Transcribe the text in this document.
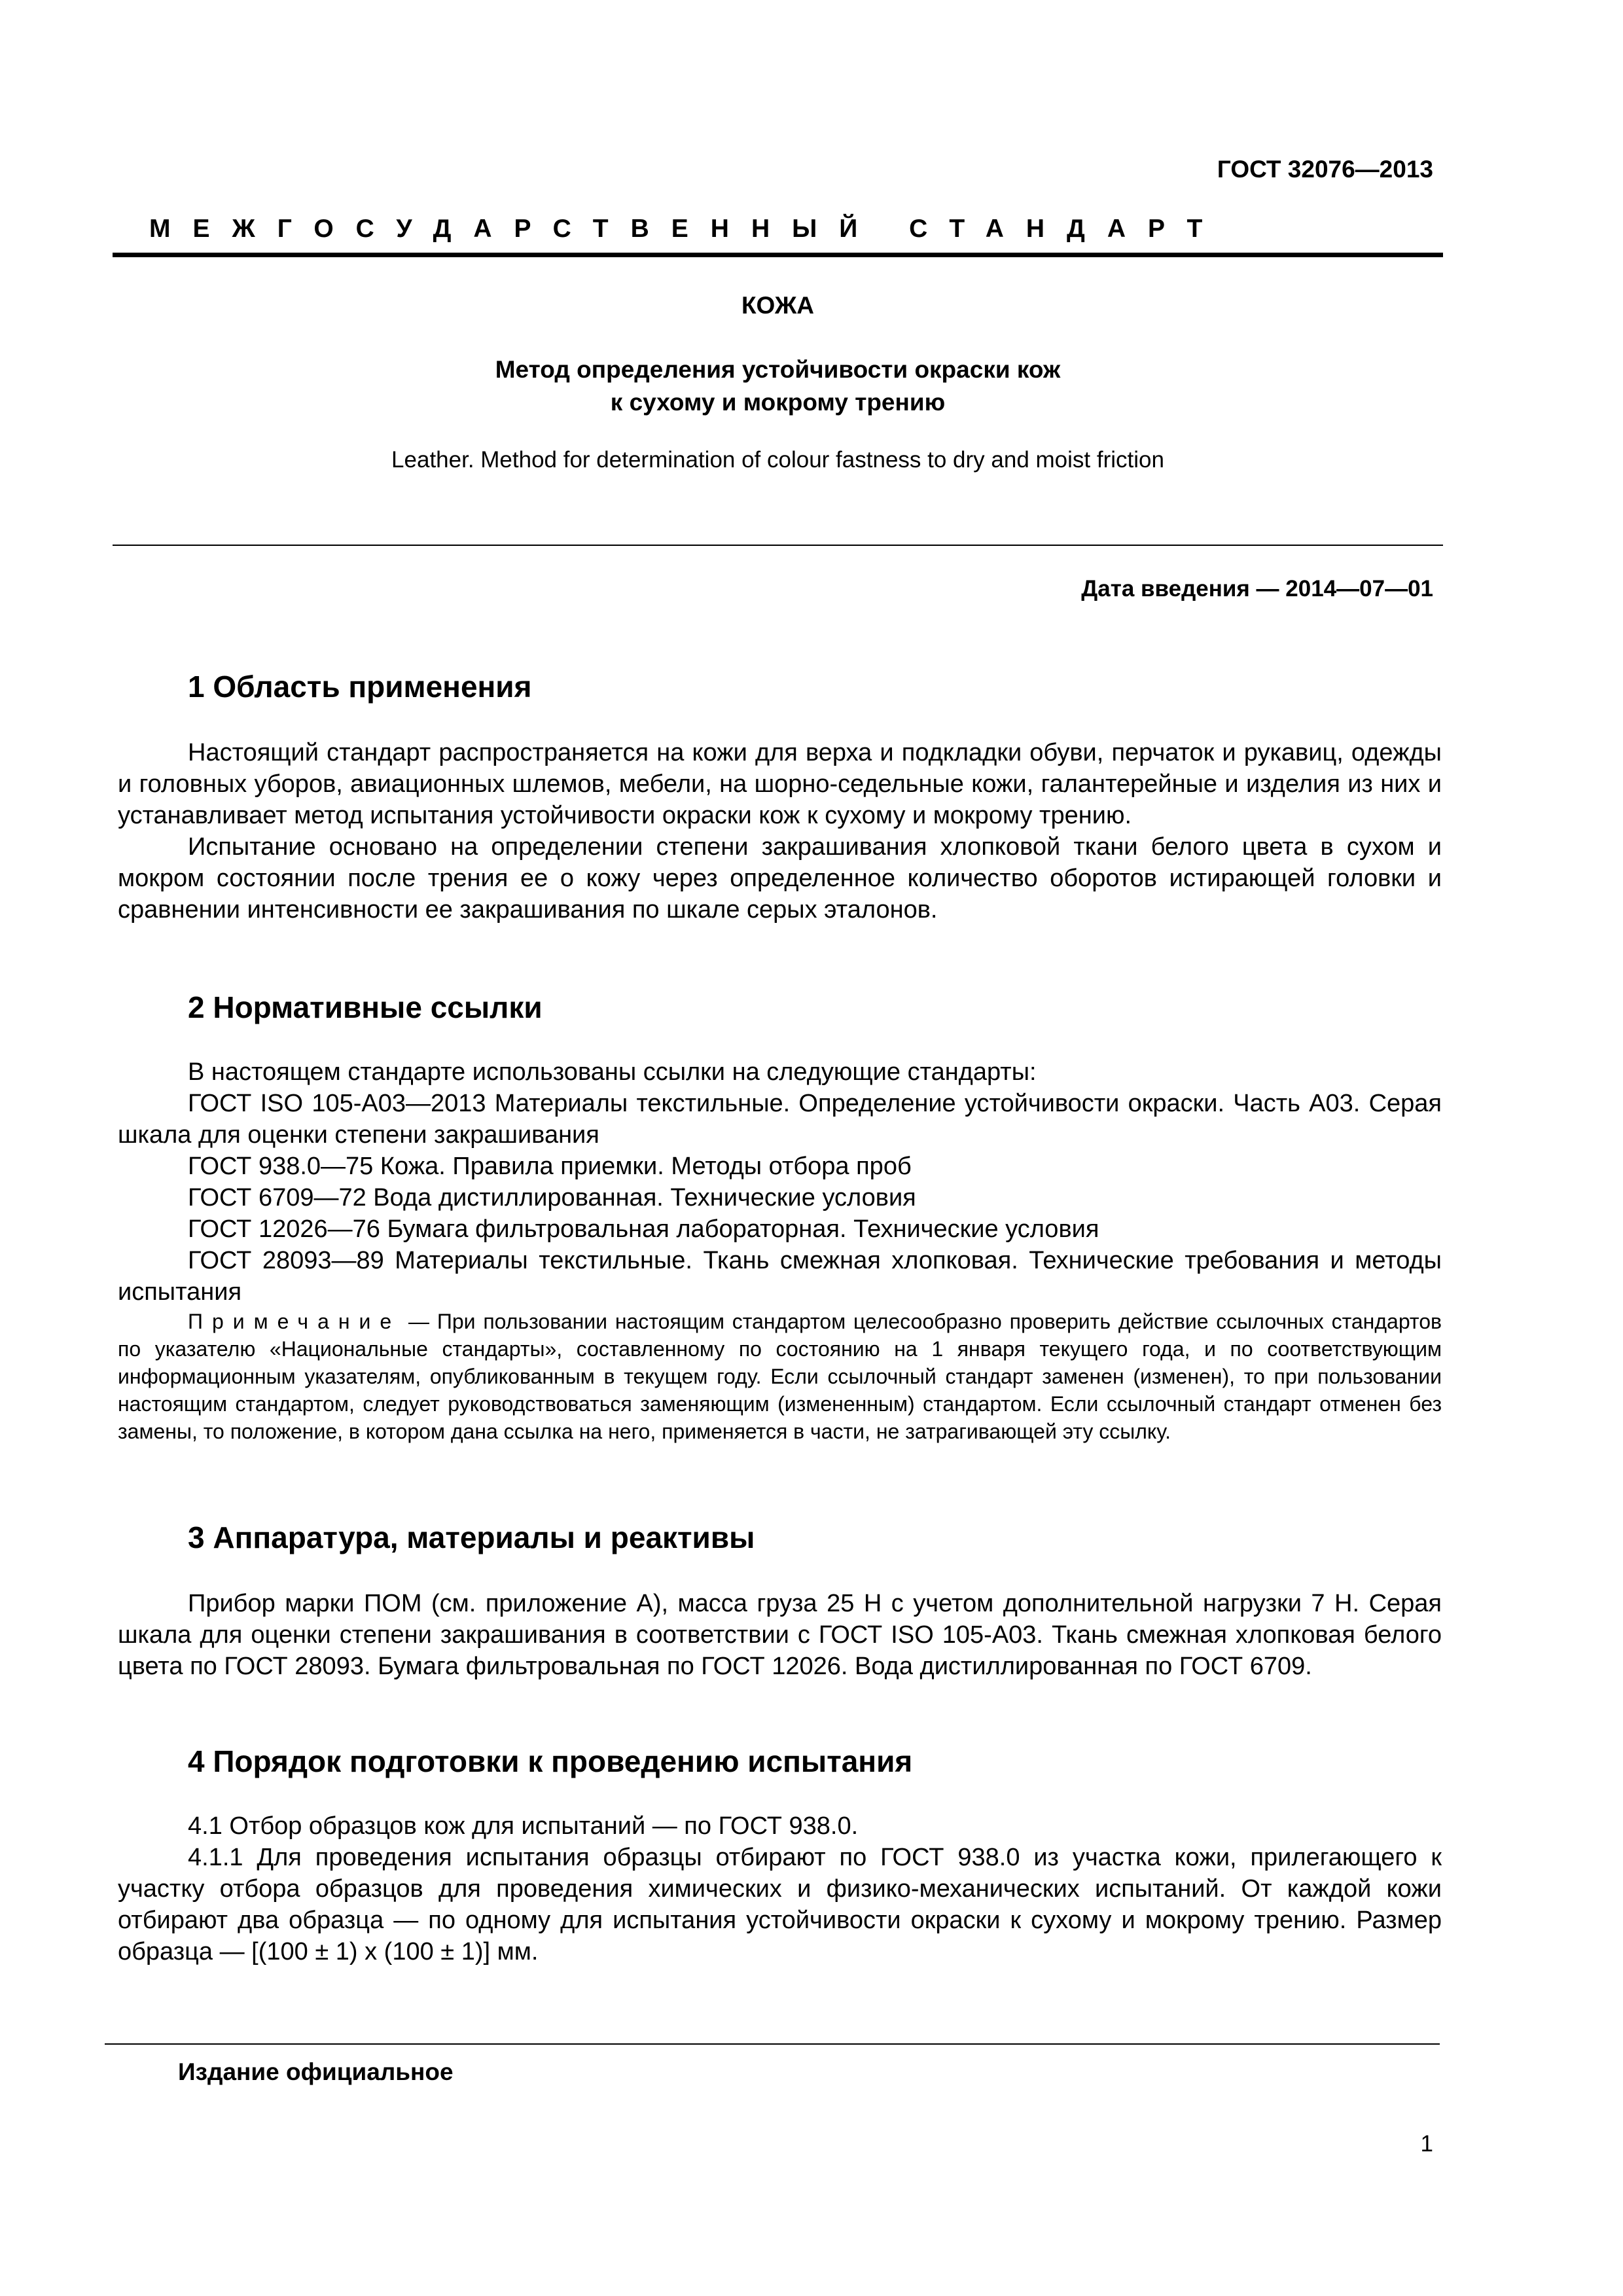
ГОСТ 32076—2013
МЕЖГОСУДАРСТВЕННЫЙ СТАНДАРТ
КОЖА
Метод определения устойчивости окраски кож
к сухому и мокрому трению
Leather. Method for determination of colour fastness to dry and moist friction
Дата введения — 2014—07—01
1 Область применения

Настоящий стандарт распространяется на кожи для верха и подкладки обуви, перчаток и рукавиц, одежды и головных уборов, авиационных шлемов, мебели, на шорно-седельные кожи, галантерейные и изделия из них и устанавливает метод испытания устойчивости окраски кож к сухому и мокрому трению.

Испытание основано на определении степени закрашивания хлопковой ткани белого цвета в сухом и мокром состоянии после трения ее о кожу через определенное количество оборотов истирающей головки и сравнении интенсивности ее закрашивания по шкале серых эталонов.

2 Нормативные ссылки

В настоящем стандарте использованы ссылки на следующие стандарты:

ГОСТ ISO 105-A03—2013 Материалы текстильные. Определение устойчивости окраски. Часть A03. Серая шкала для оценки степени закрашивания

ГОСТ 938.0—75 Кожа. Правила приемки. Методы отбора проб

ГОСТ 6709—72 Вода дистиллированная. Технические условия

ГОСТ 12026—76 Бумага фильтровальная лабораторная. Технические условия

ГОСТ 28093—89 Материалы текстильные. Ткань смежная хлопковая. Технические требования и методы испытания

Примечание — При пользовании настоящим стандартом целесообразно проверить действие ссылочных стандартов по указателю «Национальные стандарты», составленному по состоянию на 1 января текущего года, и по соответствующим информационным указателям, опубликованным в текущем году. Если ссылочный стандарт заменен (изменен), то при пользовании настоящим стандартом, следует руководствоваться заменяющим (измененным) стандартом. Если ссылочный стандарт отменен без замены, то положение, в котором дана ссылка на него, применяется в части, не затрагивающей эту ссылку.

3 Аппаратура, материалы и реактивы

Прибор марки ПОМ (см. приложение А), масса груза 25 Н с учетом дополнительной нагрузки 7 Н. Серая шкала для оценки степени закрашивания в соответствии с ГОСТ ISO 105-A03. Ткань смежная хлопковая белого цвета по ГОСТ 28093. Бумага фильтровальная по ГОСТ 12026. Вода дистиллированная по ГОСТ 6709.

4 Порядок подготовки к проведению испытания

4.1 Отбор образцов кож для испытаний — по ГОСТ 938.0.

4.1.1 Для проведения испытания образцы отбирают по ГОСТ 938.0 из участка кожи, прилегающего к участку отбора образцов для проведения химических и физико-механических испытаний. От каждой кожи отбирают два образца — по одному для испытания устойчивости окраски к сухому и мокрому трению. Размер образца — [(100 ± 1) х (100 ± 1)] мм.

Издание официальное
1
